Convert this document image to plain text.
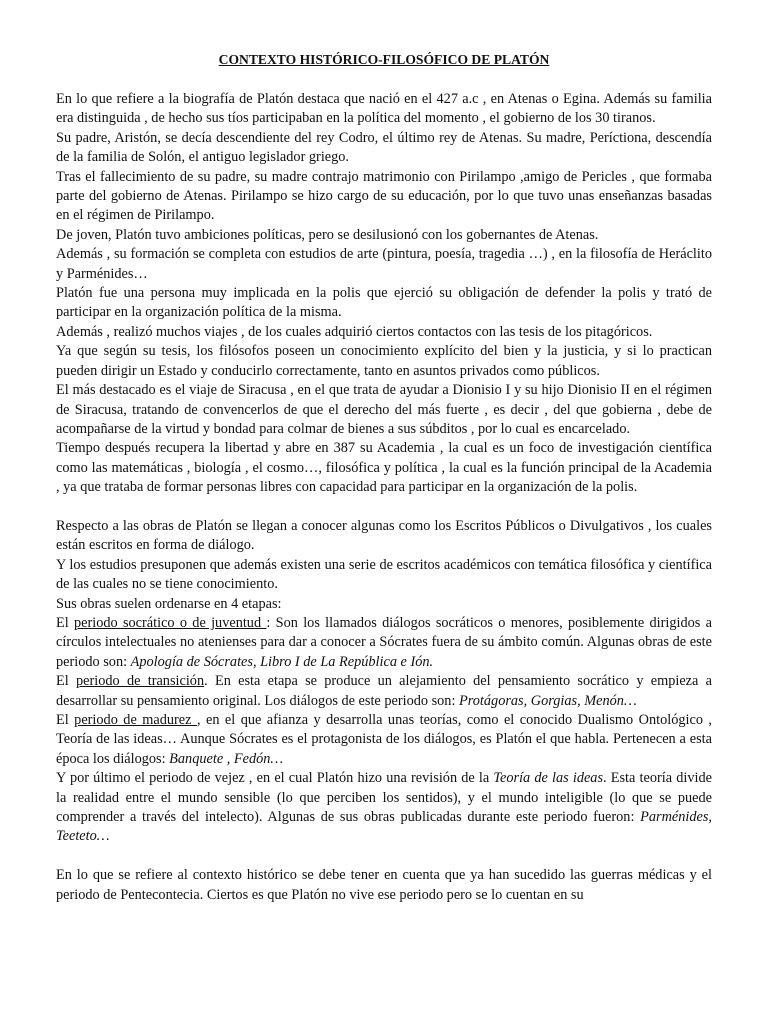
CONTEXTO HISTÓRICO-FILOSÓFICO DE PLATÓN

En lo que refiere a la biografía de Platón destaca que nació en el 427 a.c , en Atenas o Egina. Además su familia era distinguida , de hecho sus tíos participaban en la política del momento , el gobierno de los 30 tiranos.

Su padre, Aristón, se decía descendiente del rey Codro, el último rey de Atenas. Su madre, Períctiona, descendía de la familia de Solón, el antiguo legislador griego.

Tras el fallecimiento de su padre, su madre contrajo matrimonio con Pirilampo ,amigo de Pericles , que formaba parte del gobierno de Atenas. Pirilampo se hizo cargo de su educación, por lo que tuvo unas enseñanzas basadas en el régimen de Pirilampo.

De joven, Platón tuvo ambiciones políticas, pero se desilusionó con los gobernantes de Atenas.

Además , su formación se completa con estudios de arte (pintura, poesía, tragedia …) , en la filosofía de Heráclito y Parménides…

Platón fue una persona muy implicada en la polis que ejerció su obligación de defender la polis y trató de participar en la organización política de la misma.

Además , realizó muchos viajes , de los cuales adquirió ciertos contactos con las tesis de los pitagóricos.

Ya que según su tesis, los filósofos poseen un conocimiento explícito del bien y la justicia, y si lo practican pueden dirigir un Estado y conducirlo correctamente, tanto en asuntos privados como públicos.

El más destacado es el viaje de Siracusa , en el que trata de ayudar a Dionisio I y su hijo Dionisio II en el régimen de Siracusa, tratando de convencerlos de que el derecho del más fuerte , es decir , del que gobierna , debe de acompañarse de la virtud y bondad para colmar de bienes a sus súbditos , por lo cual es encarcelado.

Tiempo después recupera la libertad y abre en 387 su Academia , la cual es un foco de investigación científica como las matemáticas , biología , el cosmo…, filosófica y política , la cual es la función principal de la Academia , ya que trataba de formar personas libres con capacidad para participar en la organización de la polis.

Respecto a las obras de Platón se llegan a conocer algunas como los Escritos Públicos o Divulgativos , los cuales están escritos en forma de diálogo.

Y los estudios presuponen que además existen una serie de escritos académicos con temática filosófica y científica de las cuales no se tiene conocimiento.

Sus obras suelen ordenarse en 4 etapas:

El periodo socrático o de juventud : Son los llamados diálogos socráticos o menores, posiblemente dirigidos a círculos intelectuales no atenienses para dar a conocer a Sócrates fuera de su ámbito común. Algunas obras de este periodo son: Apología de Sócrates, Libro I de La República e Ión.

El periodo de transición. En esta etapa se produce un alejamiento del pensamiento socrático y empieza a desarrollar su pensamiento original. Los diálogos de este periodo son: Protágoras, Gorgias, Menón…

El periodo de madurez , en el que afianza y desarrolla unas teorías, como el conocido Dualismo Ontológico , Teoría de las ideas… Aunque Sócrates es el protagonista de los diálogos, es Platón el que habla. Pertenecen a esta época los diálogos: Banquete , Fedón…

Y por último el periodo de vejez , en el cual Platón hizo una revisión de la Teoría de las ideas. Esta teoría divide la realidad entre el mundo sensible (lo que perciben los sentidos), y el mundo inteligible (lo que se puede comprender a través del intelecto). Algunas de sus obras publicadas durante este periodo fueron: Parménides, Teeteto…

En lo que se refiere al contexto histórico se debe tener en cuenta que ya han sucedido las guerras médicas y el periodo de Pentecontecia. Ciertos es que Platón no vive ese periodo pero se lo cuentan en su
